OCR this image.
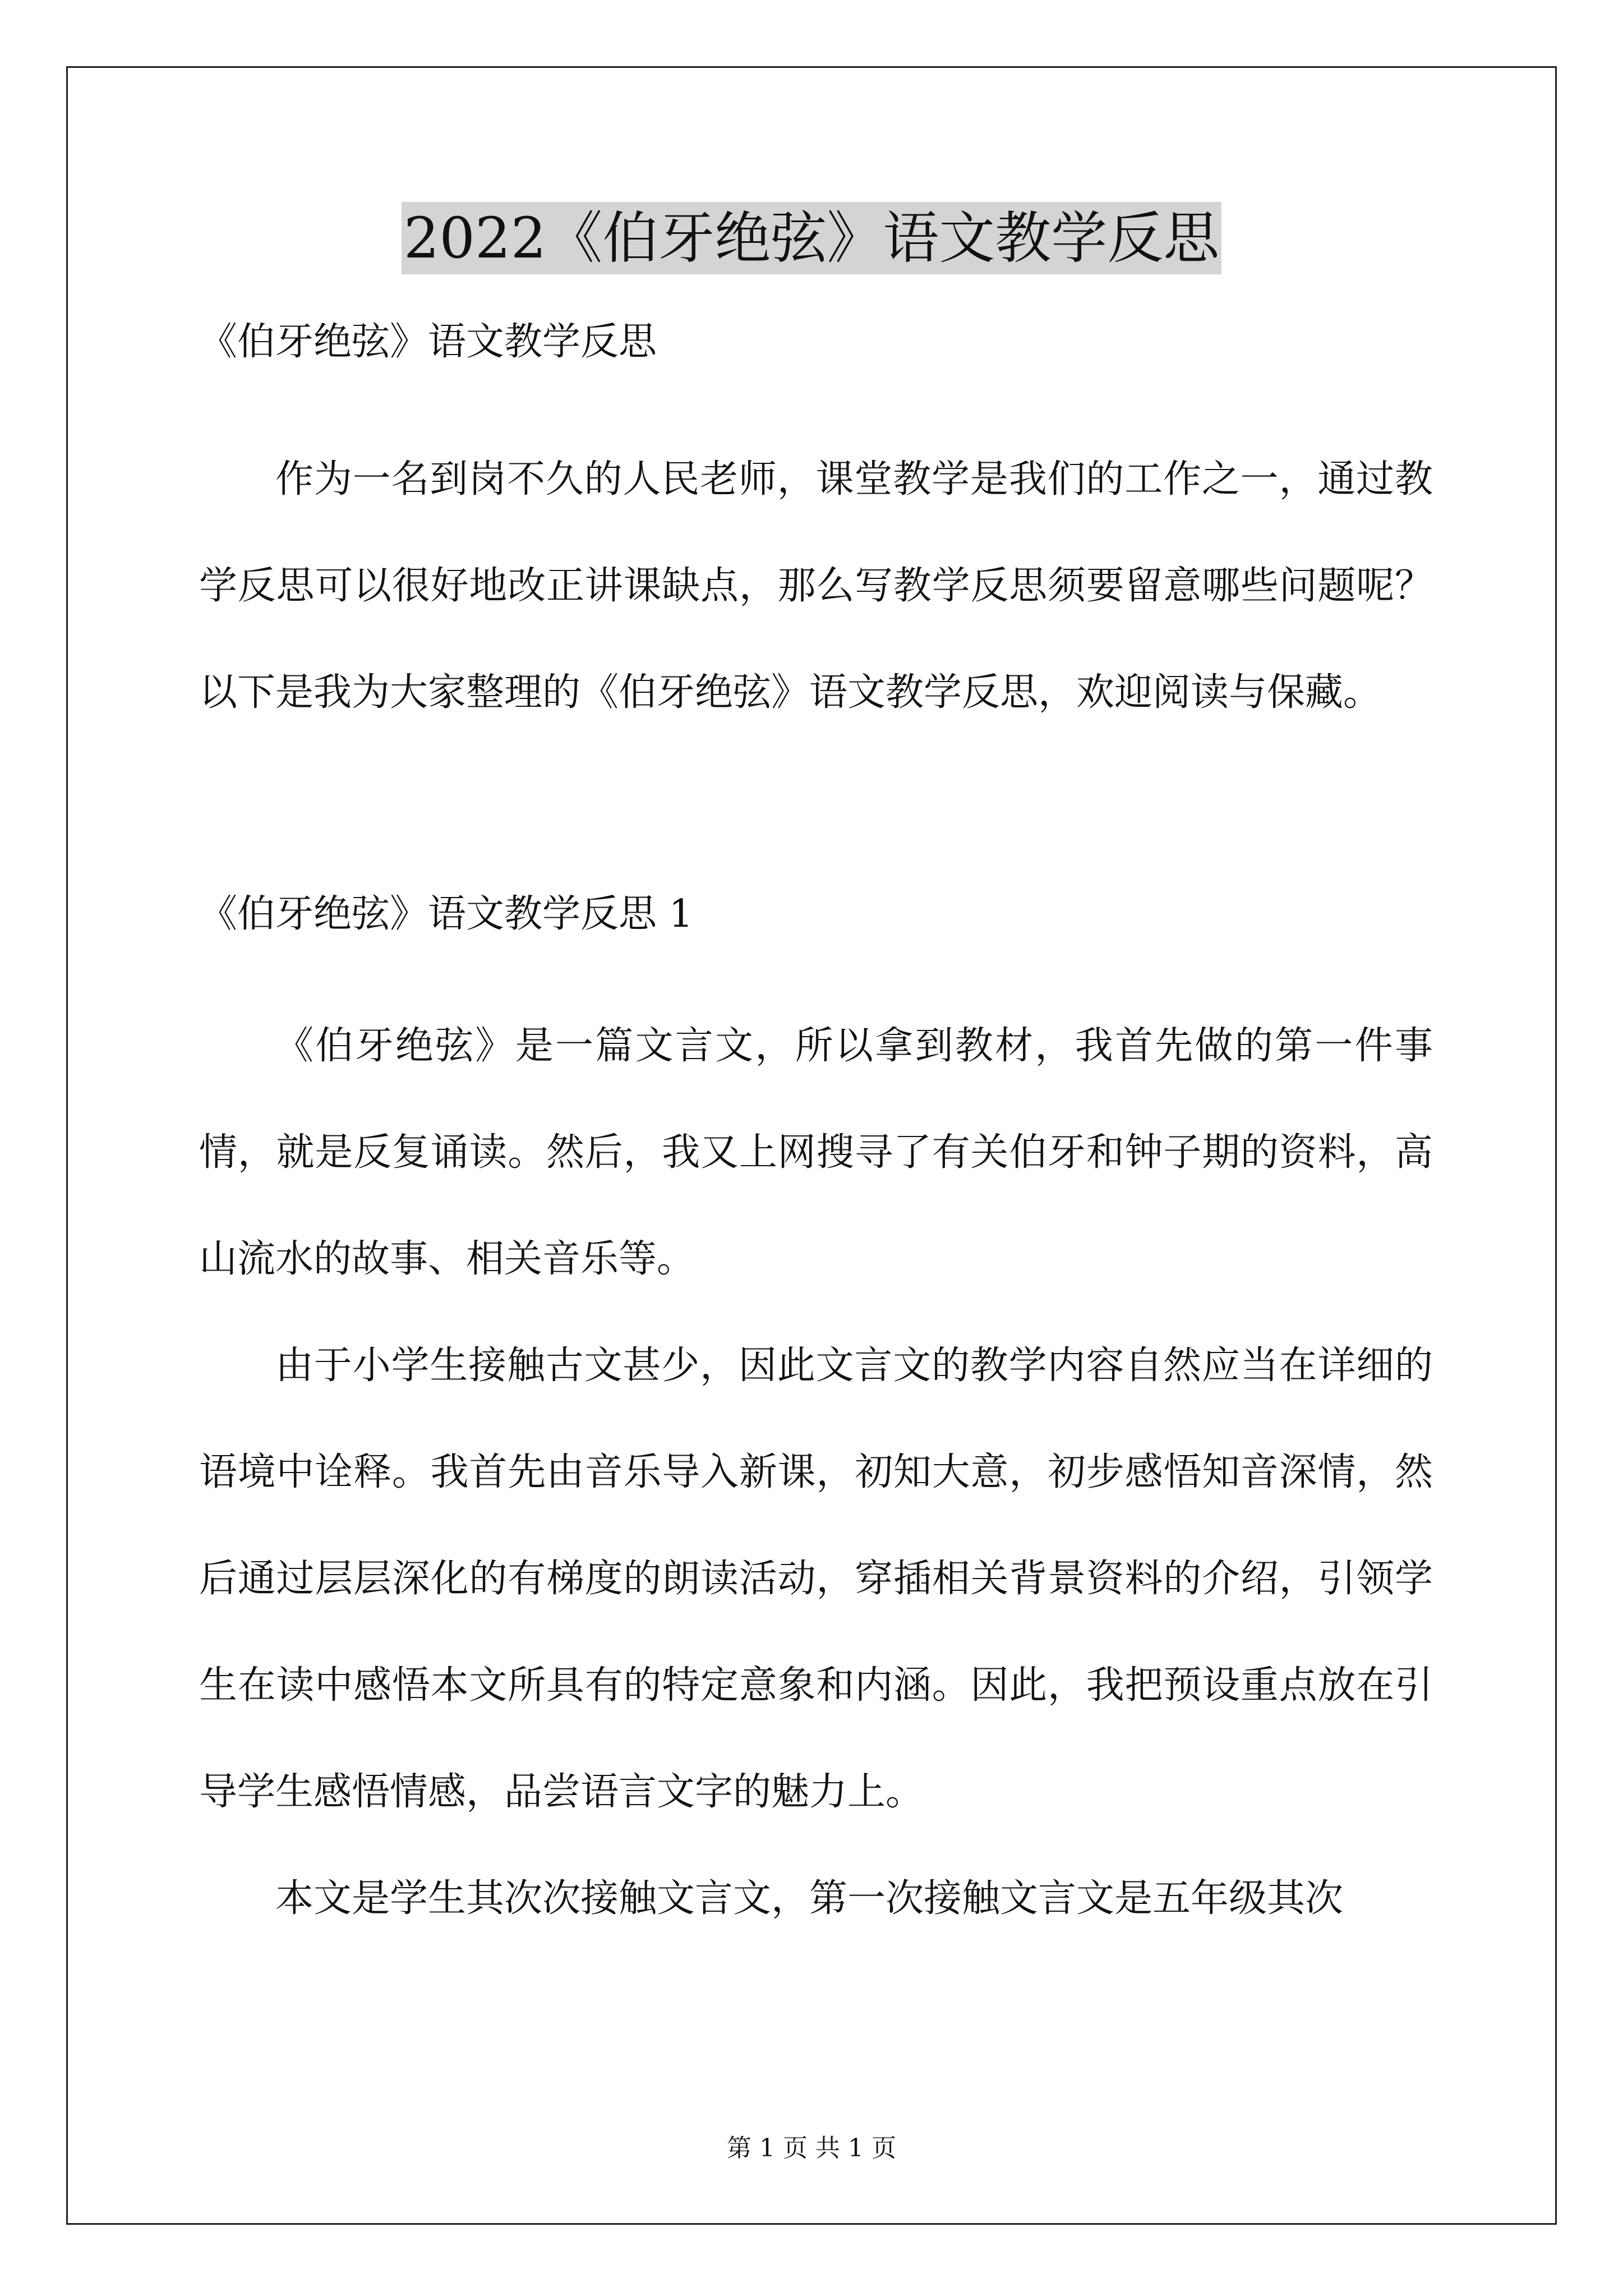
2022《伯牙绝弦》语文教学反思

《伯牙绝弦》语文教学反思

作为一名到岗不久的人民老师，课堂教学是我们的工作之一，通过教学反思可以很好地改正讲课缺点，那么写教学反思须要留意哪些问题呢？以下是我为大家整理的《伯牙绝弦》语文教学反思，欢迎阅读与保藏。

《伯牙绝弦》语文教学反思 1

《伯牙绝弦》是一篇文言文，所以拿到教材，我首先做的第一件事情，就是反复诵读。然后，我又上网搜寻了有关伯牙和钟子期的资料，高山流水的故事、相关音乐等。

由于小学生接触古文甚少，因此文言文的教学内容自然应当在详细的语境中诠释。我首先由音乐导入新课，初知大意，初步感悟知音深情，然后通过层层深化的有梯度的朗读活动，穿插相关背景资料的介绍，引领学生在读中感悟本文所具有的特定意象和内涵。因此，我把预设重点放在引导学生感悟情感，品尝语言文字的魅力上。

本文是学生其次次接触文言文，第一次接触文言文是五年级其次

第 1 页 共 1 页
